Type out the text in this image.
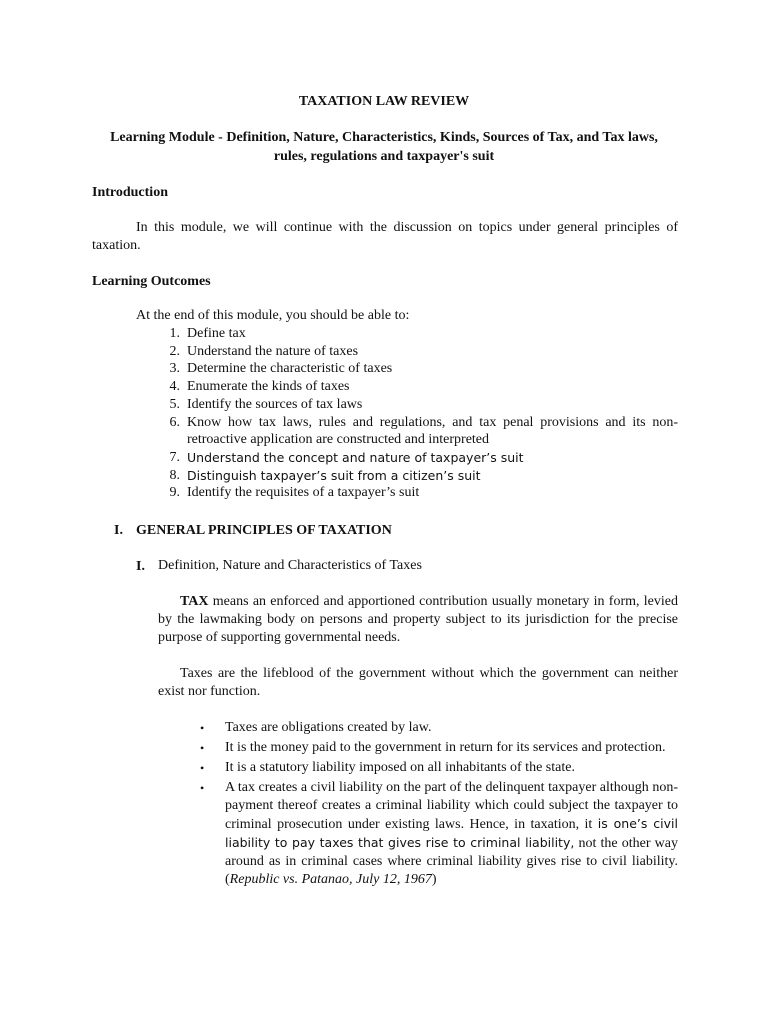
TAXATION LAW REVIEW
Learning Module - Definition, Nature, Characteristics, Kinds, Sources of Tax, and Tax laws, rules, regulations and taxpayer's suit
Introduction
In this module, we will continue with the discussion on topics under general principles of taxation.
Learning Outcomes
At the end of this module, you should be able to:
1. Define tax
2. Understand the nature of taxes
3. Determine the characteristic of taxes
4. Enumerate the kinds of taxes
5. Identify the sources of tax laws
6. Know how tax laws, rules and regulations, and tax penal provisions and its non-retroactive application are constructed and interpreted
7. Understand the concept and nature of taxpayer’s suit
8. Distinguish taxpayer’s suit from a citizen’s suit
9. Identify the requisites of a taxpayer’s suit
I. GENERAL PRINCIPLES OF TAXATION
I. Definition, Nature and Characteristics of Taxes
TAX means an enforced and apportioned contribution usually monetary in form, levied by the lawmaking body on persons and property subject to its jurisdiction for the precise purpose of supporting governmental needs.
Taxes are the lifeblood of the government without which the government can neither exist nor function.
•	Taxes are obligations created by law.
•	It is the money paid to the government in return for its services and protection.
•	It is a statutory liability imposed on all inhabitants of the state.
•	A tax creates a civil liability on the part of the delinquent taxpayer although non-payment thereof creates a criminal liability which could subject the taxpayer to criminal prosecution under existing laws. Hence, in taxation, it is one’s civil liability to pay taxes that gives rise to criminal liability, not the other way around as in criminal cases where criminal liability gives rise to civil liability. (Republic vs. Patanao, July 12, 1967)
